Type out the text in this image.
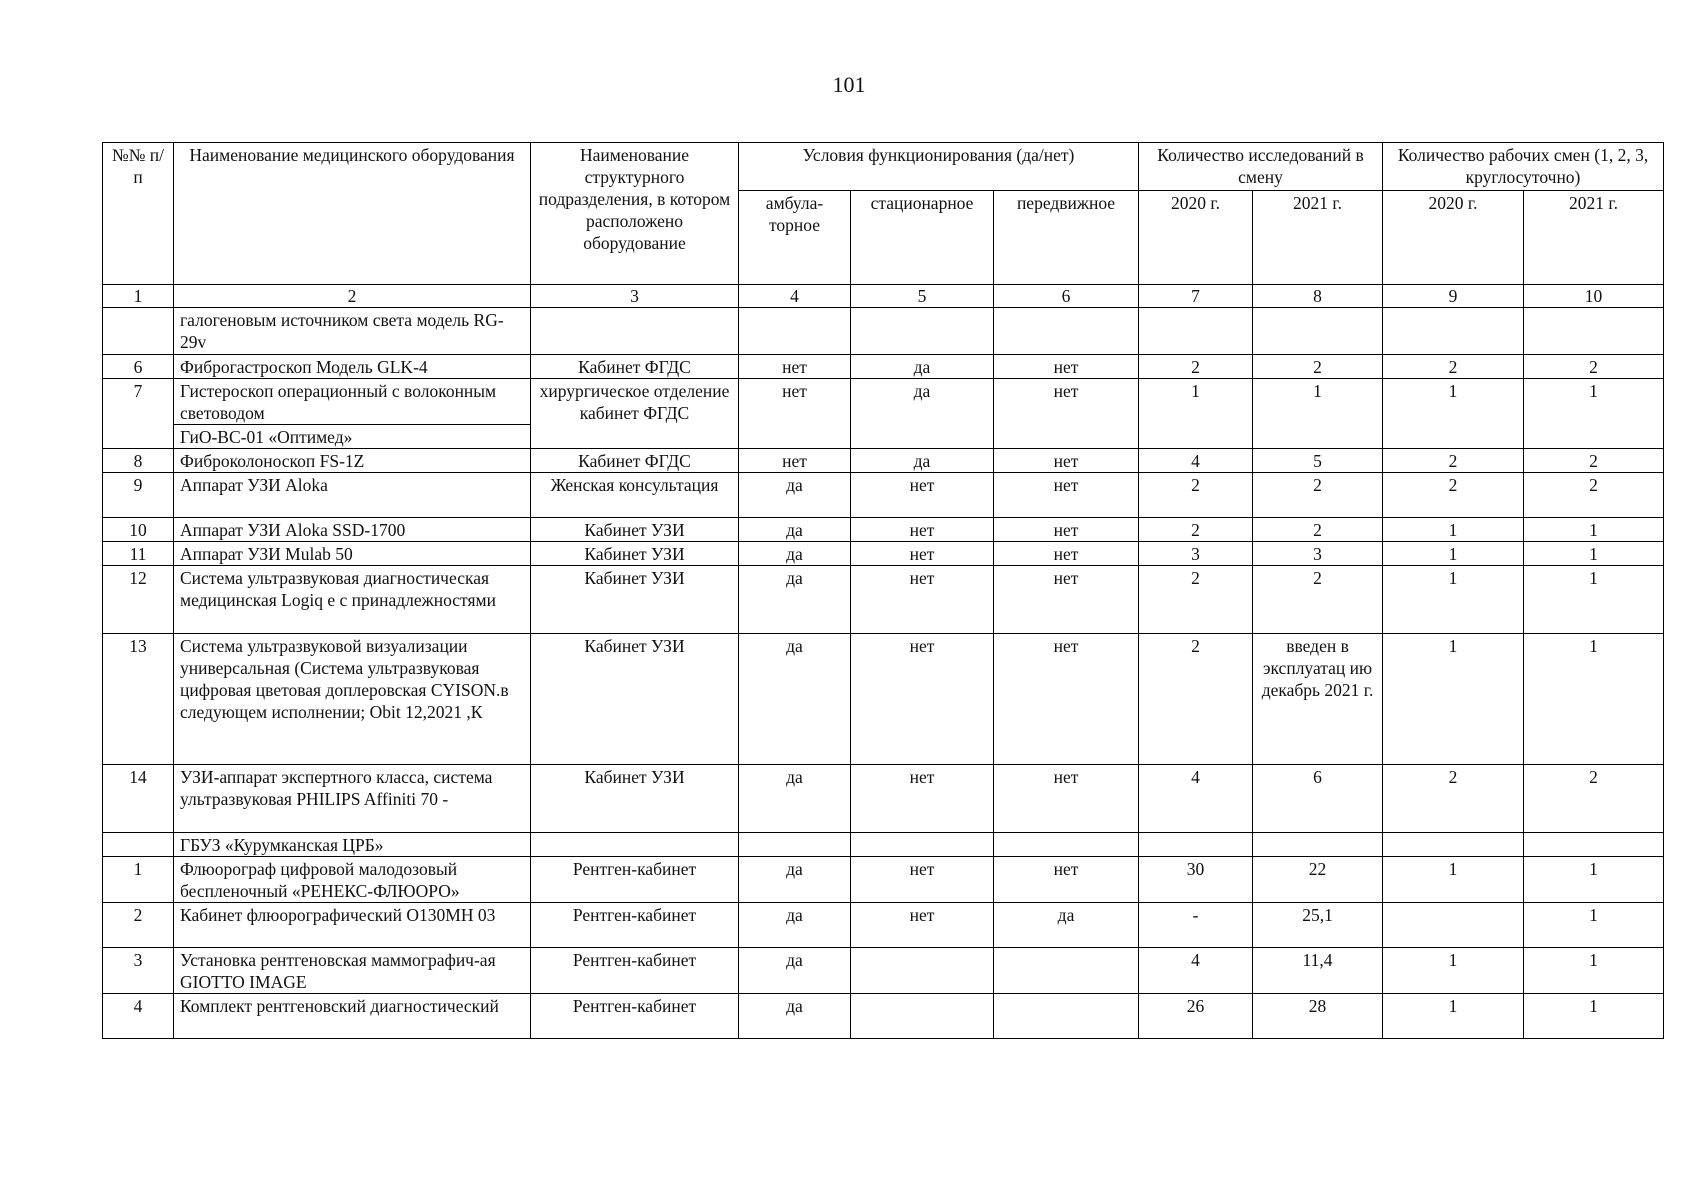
101
№№ п/п	Наименование медицинского оборудования	Наименование структурного подразделения, в котором расположено оборудование	Условия функционирования (да/нет)			Количество исследований в смену		Количество рабочих смен (1, 2, 3, круглосуточно)	
			амбула-торное	стационарное	передвижное	2020 г.	2021 г.	2020 г.	2021 г.
1	2	3	4	5	6	7	8	9	10
	галогеновым источником света модель RG-29v								
6	Фиброгастроскоп Модель GLK-4	Кабинет ФГДС	нет	да	нет	2	2	2	2
7	Гистероскоп операционный с волоконным световодом	хирургическое отделение кабинет ФГДС	нет	да	нет	1	1	1	1
	ГиО-ВС-01 «Оптимед»								
8	Фиброколоноскоп FS-1Z	Кабинет ФГДС	нет	да	нет	4	5	2	2
9	Аппарат УЗИ Aloka	Женская консультация	да	нет	нет	2	2	2	2
10	Аппарат УЗИ Aloka SSD-1700	Кабинет УЗИ	да	нет	нет	2	2	1	1
11	Аппарат УЗИ Mulab 50	Кабинет УЗИ	да	нет	нет	3	3	1	1
12	Система ультразвуковая диагностическая медицинская Logiq e с принадлежностями	Кабинет УЗИ	да	нет	нет	2	2	1	1
13	Система ультразвуковой визуализации универсальная (Система ультразвуковая цифровая цветовая доплеровская CYISON.в следующем исполнении; Obit 12,2021 ,К	Кабинет УЗИ	да	нет	нет	2	введен в эксплуатац ию декабрь 2021 г.	1	1
14	УЗИ-аппарат экспертного класса, система ультразвуковая PHILIPS Affiniti 70 -	Кабинет УЗИ	да	нет	нет	4	6	2	2
	ГБУЗ «Курумканская ЦРБ»								
1	Флюорограф цифровой малодозовый беспленочный «РЕНЕКС-ФЛЮОРО»	Рентген-кабинет	да	нет	нет	30	22	1	1
2	Кабинет флюорографический О130МН 03	Рентген-кабинет	да	нет	да	-	25,1		1
3	Установка рентгеновская маммографич-ая GIOTTO IMAGE	Рентген-кабинет	да			4	11,4	1	1
4	Комплект рентгеновский диагностический	Рентген-кабинет	да			26	28	1	1
